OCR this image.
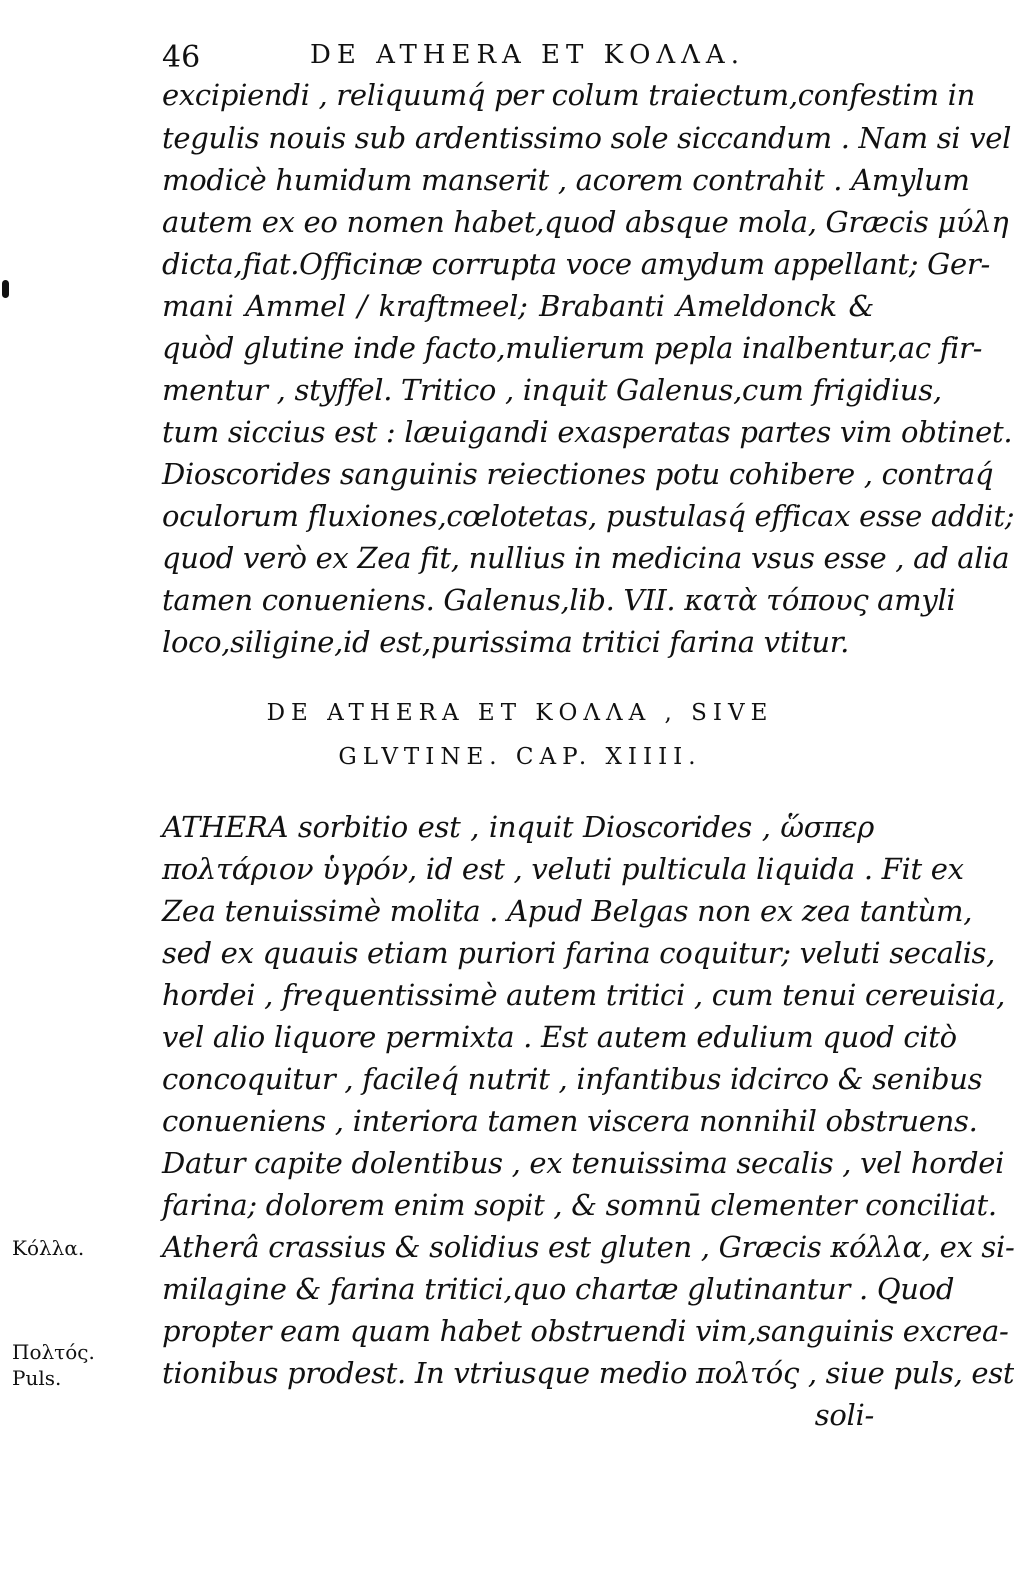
46	DE ATHERA ET ΚΟΛΛΑ.
excipiendi , reliquumq́ per colum traiectum,confestim in
tegulis nouis sub ardentissimo sole siccandum . Nam si vel
modicè humidum manserit , acorem contrahit . Amylum
autem ex eo nomen habet,quod absque mola, Græcis μύλη
dicta,fiat.Officinæ corrupta voce amydum appellant; Ger-
mani Ammel / kraftmeel; Brabanti Ameldonck &
quòd glutine inde facto,mulierum pepla inalbentur,ac fir-
mentur , styffel. Tritico , inquit Galenus,cum frigidius,
tum siccius est : læuigandi exasperatas partes vim obtinet.
Dioscorides sanguinis reiectiones potu cohibere , contraq́
oculorum fluxiones,cœlotetas, pustulasq́ efficax esse addit;
quod verò ex Zea fit, nullius in medicina vsus esse , ad alia
tamen conueniens. Galenus,lib. VII. κατὰ τόπους amyli
loco,siligine,id est,purissima tritici farina vtitur.
DE ATHERA ET ΚΟΛΛΑ , SIVE
GLVTINE. CAP. XIIII.
ATHERA sorbitio est , inquit Dioscorides , ὥσπερ
πολτάριον ὑγρόν, id est , veluti pulticula liquida . Fit ex
Zea tenuissimè molita . Apud Belgas non ex zea tantùm,
sed ex quauis etiam puriori farina coquitur; veluti secalis,
hordei , frequentissimè autem tritici , cum tenui cereuisia,
vel alio liquore permixta . Est autem edulium quod citò
concoquitur , facileq́ nutrit , infantibus idcirco & senibus
conueniens , interiora tamen viscera nonnihil obstruens.
Datur capite dolentibus , ex tenuissima secalis , vel hordei
farina; dolorem enim sopit , & somnū clementer conciliat.
Atherâ crassius & solidius est gluten , Græcis κόλλα, ex si-
milagine & farina tritici,quo chartæ glutinantur . Quod
propter eam quam habet obstruendi vim,sanguinis excrea-
tionibus prodest. In vtriusque medio πολτός , siue puls, est
soli-
Κόλλα.
Πολτός.
Puls.
